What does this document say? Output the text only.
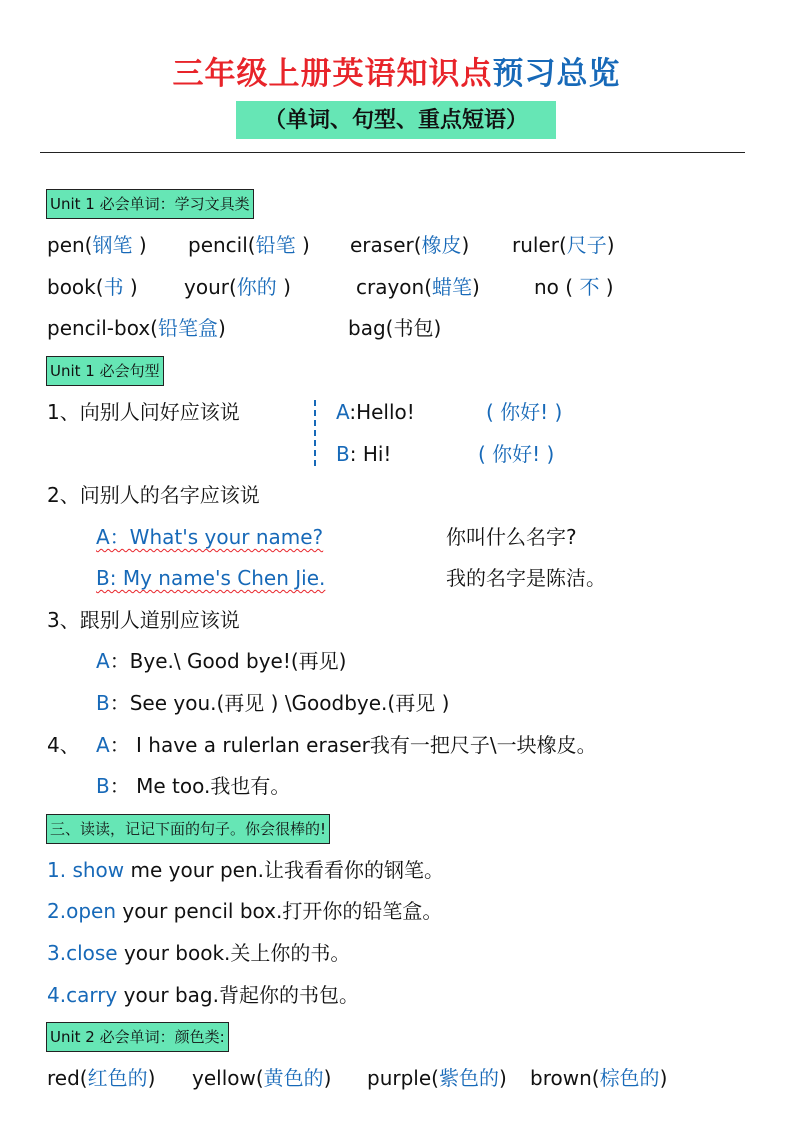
三年级上册英语知识点预习总览
（单词、句型、重点短语）
Unit 1 必会单词：学习文具类
pen(钢笔 ) pencil(铅笔 ) eraser(橡皮) ruler(尺子)
book(书 ) your(你的 )	crayon(蜡笔)	no ( 不 )
pencil-box(铅笔盒)	bag(书包)
Unit 1 必会句型
1、向别人问好应该说	A:Hello!	( 你好! )
B: Hi!	( 你好! )
2、问别人的名字应该说
A：What's your name?	你叫什么名字?
B: My name's Chen Jie.	我的名字是陈洁。
3、跟别人道别应该说
A：Bye.\ Good bye!(再见)
B：See you.(再见 ) \Goodbye.(再见 )
4、 A： I have a rulerlan eraser我有一把尺子\一块橡皮。
B： Me too.我也有。
三、读读，记记下面的句子。你会很棒的!
1. show me your pen.让我看看你的钢笔。
2.open your pencil box.打开你的铅笔盒。
3.close your book.关上你的书。
4.carry your bag.背起你的书包。
Unit 2 必会单词：颜色类:
red(红色的) yellow(黄色的) purple(紫色的) brown(棕色的)
